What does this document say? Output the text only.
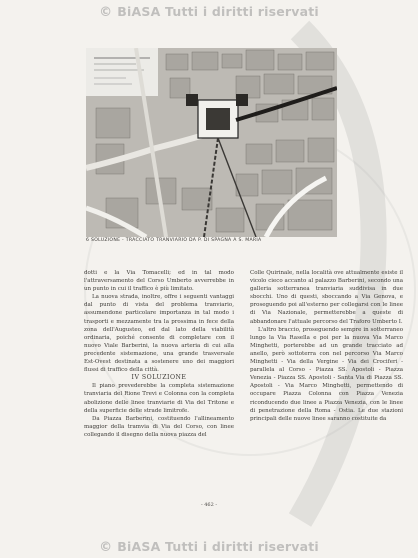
© BiASA Tutti i diritti riservati
6 SOLUZIONE - TRACCIATO TRANVIARIO DA P. DI SPAGNA A S. MARIA

dotti e la Via Tomacelli; ed in tal modo l'attraversamento del Corso Umberto avverrebbe in un punto in cui il traffico è più limitato.

La nuova strada, inoltre, offre i seguenti vantaggi dal punto di vista del problema tranviario, assumendone particolare importanza in tal modo i trasporti e mezzamente tra la prossima in fece della zona dell'Augusteo, ed dal lato della viabilità ordinaria, poiché consente di completare con il nuovo Viale Barberini, la nuova arteria di cui alla precedente sistemazione, una grande trasversale Est-Ovest destinata a sostenere uno dei maggiori flussi di traffico della città.

IV SOLUZIONE

Il piano prevederebbe la completa sistemazione tranviaria del Rione Trevi e Colonna con la completa abolizione delle linee tranviarie di Via del Tritone e della superficie delle strade limitrofe.

Da Piazza Barberini, costituendo l'allineamento maggior della tramvia di Via del Corso, con linee collegando il disegno della nuova piazza del

Colle Quirinale, nella località ove attualmente esiste il vicolo cieco accanto al palazzo Barberini, secondo una galleria sotterranea tranviaria suddivisa in due sbocchi. Uno di questi, sboccando a Via Genova, e proseguendo poi all'esterno per collegarsi con le linee di Via Nazionale, permetterebbe a queste di abbandonare l'attuale percorso del Traforo Umberto I.

L'altro braccio, proseguendo sempre in sotterraneo lungo la Via Rasella e poi per la nuova Via Marco Minghetti, porterebbe ad un grande tracciato ad anello, però sottoterra con nel percorso Via Marco Minghetti - Via della Vergine - Via dei Crociferi - parallela al Corso - Piazza SS. Apostoli - Piazza Venezia - Piazza SS. Apostoli - Santa Via di Piazza SS. Apostoli - Via Marco Minghetti, permettendo di occupare Piazza Colonna con Piazza Venezia riconducendo due linee a Piazza Venezia, con le linee di penetrazione della Roma - Ostia. Le due stazioni principali delle nuove linee saranno costituite da

- 462 -
© BiASA Tutti i diritti riservati
